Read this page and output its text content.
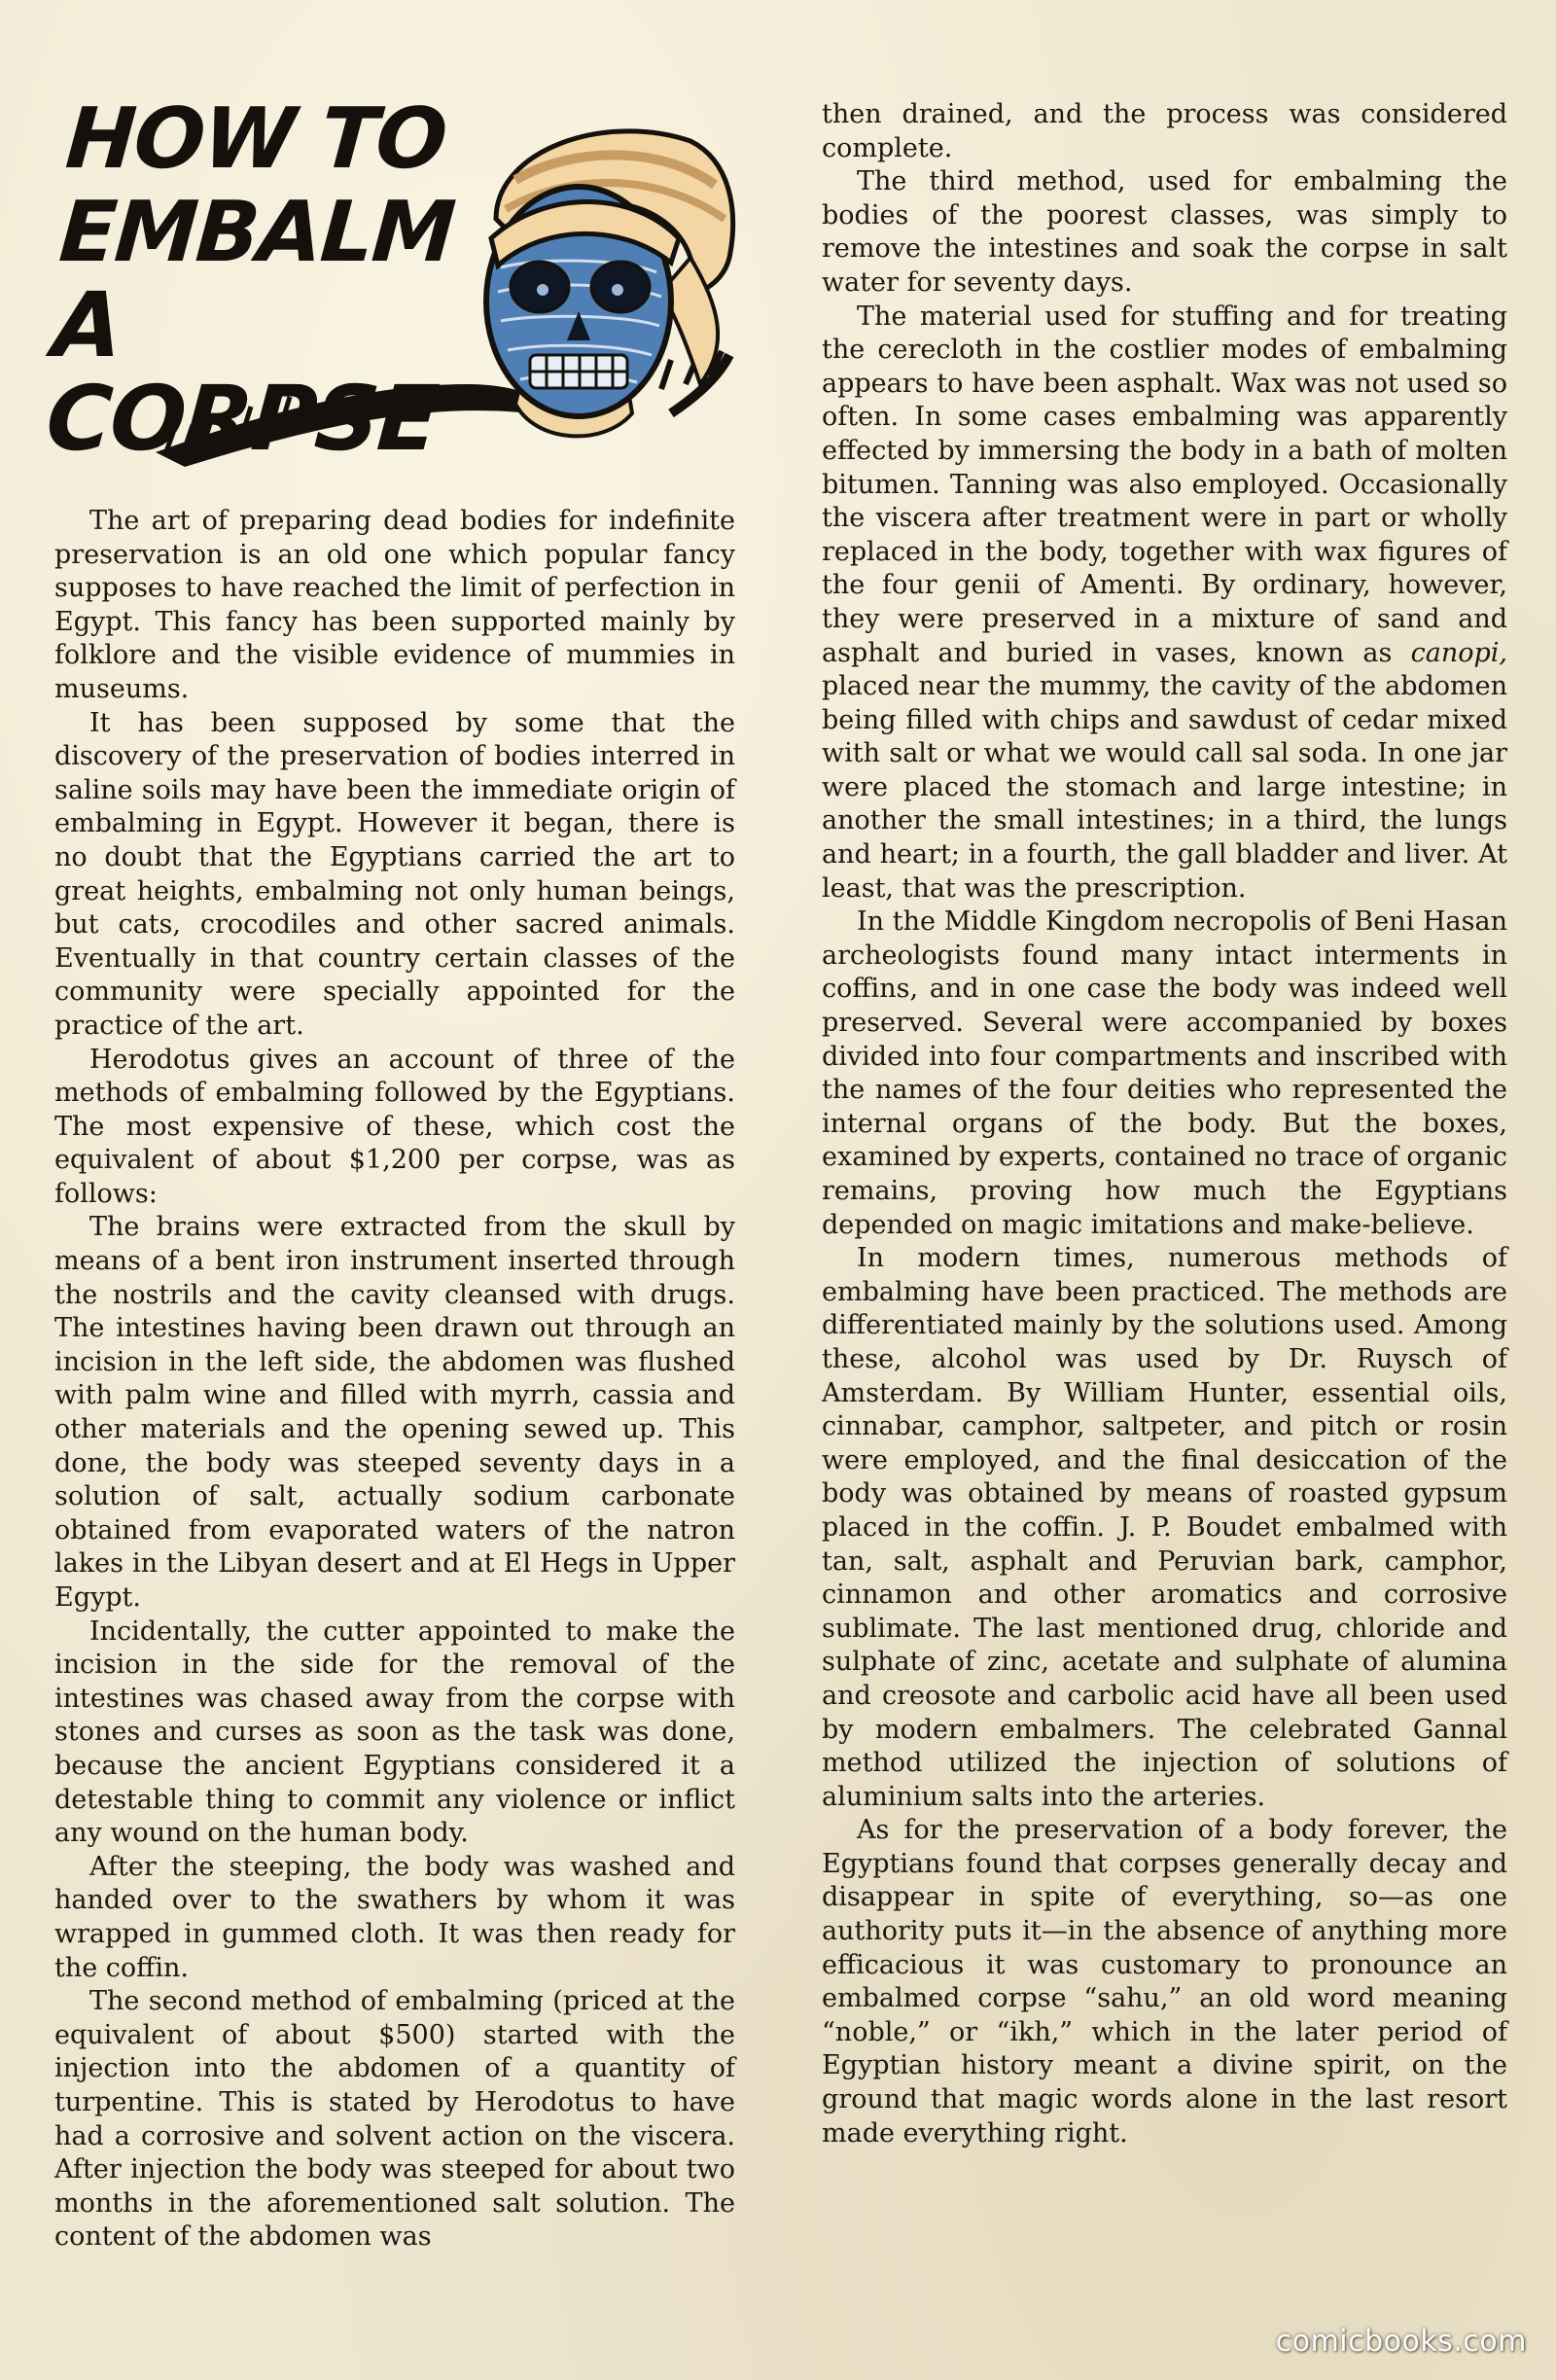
HOW TO
EMBALM
A CORPSE

The art of preparing dead bodies for indefinite preservation is an old one which popular fancy supposes to have reached the limit of perfection in Egypt. This fancy has been supported mainly by folklore and the visible evidence of mummies in museums.

It has been supposed by some that the discovery of the preservation of bodies interred in saline soils may have been the immediate origin of embalming in Egypt. However it began, there is no doubt that the Egyptians carried the art to great heights, embalming not only human beings, but cats, crocodiles and other sacred animals. Eventually in that country certain classes of the community were specially appointed for the practice of the art.

Herodotus gives an account of three of the methods of embalming followed by the Egyptians. The most expensive of these, which cost the equivalent of about $1,200 per corpse, was as follows:

The brains were extracted from the skull by means of a bent iron instrument inserted through the nostrils and the cavity cleansed with drugs. The intestines having been drawn out through an incision in the left side, the abdomen was flushed with palm wine and filled with myrrh, cassia and other materials and the opening sewed up. This done, the body was steeped seventy days in a solution of salt, actually sodium carbonate obtained from evaporated waters of the natron lakes in the Libyan desert and at El Hegs in Upper Egypt.

Incidentally, the cutter appointed to make the incision in the side for the removal of the intestines was chased away from the corpse with stones and curses as soon as the task was done, because the ancient Egyptians considered it a detestable thing to commit any violence or inflict any wound on the human body.

After the steeping, the body was washed and handed over to the swathers by whom it was wrapped in gummed cloth. It was then ready for the coffin.

The second method of embalming (priced at the equivalent of about $500) started with the injection into the abdomen of a quantity of turpentine. This is stated by Herodotus to have had a corrosive and solvent action on the viscera. After injection the body was steeped for about two months in the aforementioned salt solution. The content of the abdomen was

then drained, and the process was considered complete.

The third method, used for embalming the bodies of the poorest classes, was simply to remove the intestines and soak the corpse in salt water for seventy days.

The material used for stuffing and for treating the cerecloth in the costlier modes of embalming appears to have been asphalt. Wax was not used so often. In some cases embalming was apparently effected by immersing the body in a bath of molten bitumen. Tanning was also employed. Occasionally the viscera after treatment were in part or wholly replaced in the body, together with wax figures of the four genii of Amenti. By ordinary, however, they were preserved in a mixture of sand and asphalt and buried in vases, known as canopi, placed near the mummy, the cavity of the abdomen being filled with chips and sawdust of cedar mixed with salt or what we would call sal soda. In one jar were placed the stomach and large intestine; in another the small intestines; in a third, the lungs and heart; in a fourth, the gall bladder and liver. At least, that was the prescription.

In the Middle Kingdom necropolis of Beni Hasan archeologists found many intact interments in coffins, and in one case the body was indeed well preserved. Several were accompanied by boxes divided into four compartments and inscribed with the names of the four deities who represented the internal organs of the body. But the boxes, examined by experts, contained no trace of organic remains, proving how much the Egyptians depended on magic imitations and make-believe.

In modern times, numerous methods of embalming have been practiced. The methods are differentiated mainly by the solutions used. Among these, alcohol was used by Dr. Ruysch of Amsterdam. By William Hunter, essential oils, cinnabar, camphor, saltpeter, and pitch or rosin were employed, and the final desiccation of the body was obtained by means of roasted gypsum placed in the coffin. J. P. Boudet embalmed with tan, salt, asphalt and Peruvian bark, camphor, cinnamon and other aromatics and corrosive sublimate. The last mentioned drug, chloride and sulphate of zinc, acetate and sulphate of alumina and creosote and carbolic acid have all been used by modern embalmers. The celebrated Gannal method utilized the injection of solutions of aluminium salts into the arteries.

As for the preservation of a body forever, the Egyptians found that corpses generally decay and disappear in spite of everything, so—as one authority puts it—in the absence of anything more efficacious it was customary to pronounce an embalmed corpse “sahu,” an old word meaning “noble,” or “ikh,” which in the later period of Egyptian history meant a divine spirit, on the ground that magic words alone in the last resort made everything right.

comicbooks.com
